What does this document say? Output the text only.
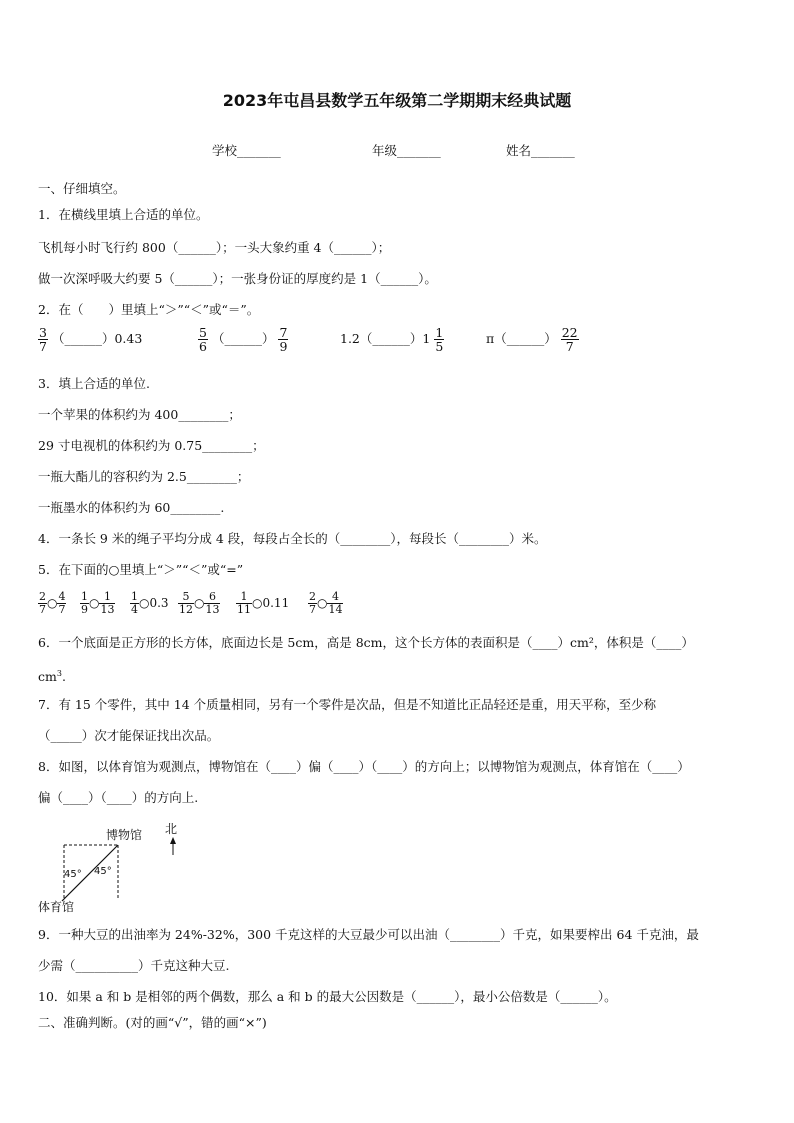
2023年屯昌县数学五年级第二学期期末经典试题
学校_______	年级_______	姓名_______
一、仔细填空。
1．在横线里填上合适的单位。
飞机每小时飞行约 800（______）；一头大象约重 4（______）；
做一次深呼吸大约要 5（______）；一张身份证的厚度约是 1（______）。
2．在（　　）里填上“＞”“＜”或“＝”。
$\frac{3}{7}$ （______）0.43	$\frac{5}{6}$ （______） $\frac{7}{9}$	1.2（______）1 $\frac{1}{5}$	π（______） $\frac{22}{7}$
3．填上合适的单位.
一个苹果的体积约为 400________；
29 寸电视机的体积约为 0.75________；
一瓶大酯儿的容积约为 2.5________；
一瓶墨水的体积约为 60________.
4．一条长 9 米的绳子平均分成 4 段，每段占全长的（________），每段长（________）米。
5．在下面的○里填上“＞”“＜”或“=”
$\frac{2}{7}$ ○ $\frac{4}{7} \frac{1}{9}$ ○ $\frac{1}{13} \frac{1}{4}$ ○0.3 $\frac{5}{12}$ ○ $\frac{6}{13} \frac{1}{11}$ ○0.11 $\frac{2}{7}$ ○ $\frac{4}{14}$
6．一个底面是正方形的长方体，底面边长是 5cm，高是 8cm，这个长方体的表面积是（____）cm²，体积是（____）
$cm^3$.
7．有 15 个零件，其中 14 个质量相同，另有一个零件是次品，但是不知道比正品轻还是重，用天平称，至少称
（_____）次才能保证找出次品。
8．如图，以体育馆为观测点，博物馆在（____）偏（____）（____）的方向上；以博物馆为观测点，体育馆在（____）
偏（____）（____）的方向上.
博物馆 北
45° 45°
体育馆
9．一种大豆的出油率为 24%-32%，300 千克这样的大豆最少可以出油（________）千克，如果要榨出 64 千克油，最
少需（__________）千克这种大豆.
10．如果 a 和 b 是相邻的两个偶数，那么 a 和 b 的最大公因数是（______），最小公倍数是（______）。
二、准确判断。(对的画“√”，错的画“×”)
